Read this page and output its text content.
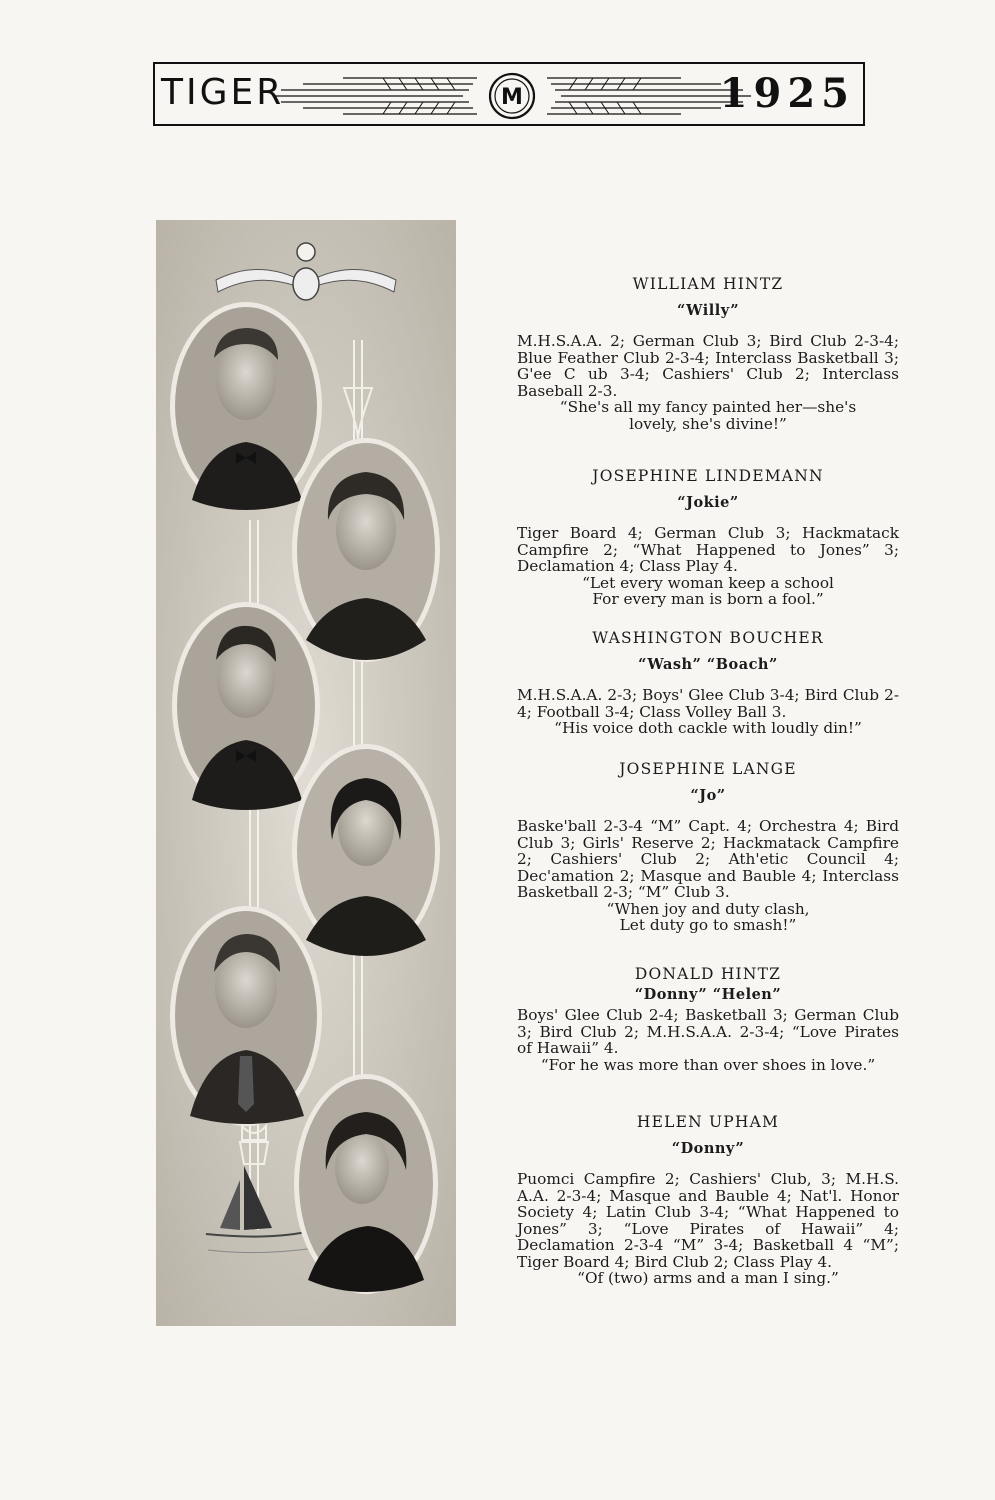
TIGER	M	1925
WILLIAM HINTZ
“Willy”
M.H.S.A.A. 2; German Club 3; Bird Club 2-3-4; Blue Feather Club 2-3-4; Interclass Basketball 3; G'ee C ub 3-4; Cashiers' Club 2; Interclass Baseball 2-3.
“She's all my fancy painted her—she's
lovely, she's divine!”
JOSEPHINE LINDEMANN
“Jokie”
Tiger Board 4; German Club 3; Hackmatack Campfire 2; “What Happened to Jones” 3; Declamation 4; Class Play 4.
“Let every woman keep a school
For every man is born a fool.”
WASHINGTON BOUCHER
“Wash” “Boach”
M.H.S.A.A. 2-3; Boys' Glee Club 3-4; Bird Club 2-4; Football 3-4; Class Volley Ball 3.
“His voice doth cackle with loudly din!”
JOSEPHINE LANGE
“Jo”
Baske'ball 2-3-4 “M” Capt. 4; Orchestra 4; Bird Club 3; Girls' Reserve 2; Hackmatack Campfire 2; Cashiers' Club 2; Ath'etic Council 4; Dec'amation 2; Masque and Bauble 4; Interclass Basketball 2-3; “M” Club 3.
“When joy and duty clash,
Let duty go to smash!”
DONALD HINTZ
“Donny” “Helen”
Boys' Glee Club 2-4; Basketball 3; German Club 3; Bird Club 2; M.H.S.A.A. 2-3-4; “Love Pirates of Hawaii” 4.
“For he was more than over shoes in love.”
HELEN UPHAM
“Donny”
Puomci Campfire 2; Cashiers' Club, 3; M.H.S. A.A. 2-3-4; Masque and Bauble 4; Nat'l. Honor Society 4; Latin Club 3-4; “What Happened to Jones” 3; “Love Pirates of Hawaii” 4; Declamation 2-3-4 “M” 3-4; Basketball 4 “M”; Tiger Board 4; Bird Club 2; Class Play 4.
“Of (two) arms and a man I sing.”
